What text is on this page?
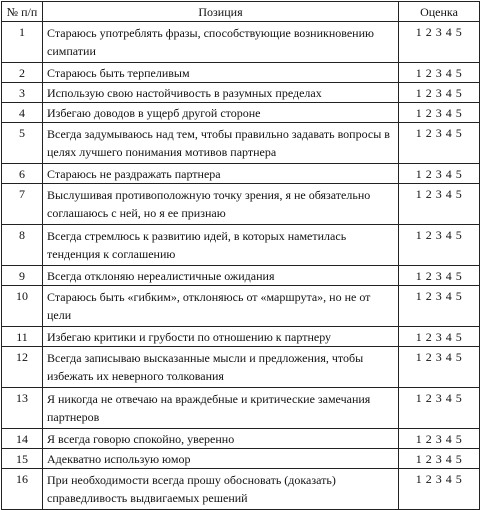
№ п/п	Позиция	Оценка
1	Стараюсь употреблять фразы, способствующие возникновению симпатии	1 2 3 4 5
2	Стараюсь быть терпеливым	1 2 3 4 5
3	Использую свою настойчивость в разумных пределах	1 2 3 4 5
4	Избегаю доводов в ущерб другой стороне	1 2 3 4 5
5	Всегда задумываюсь над тем, чтобы правильно задавать вопросы в целях лучшего понимания мотивов партнера	1 2 3 4 5
6	Стараюсь не раздражать партнера	1 2 3 4 5
7	Выслушивая противоположную точку зрения, я не обязательно соглашаюсь с ней, но я ее признаю	1 2 3 4 5
8	Всегда стремлюсь к развитию идей, в которых наметилась тенденция к соглашению	1 2 3 4 5
9	Всегда отклоняю нереалистичные ожидания	1 2 3 4 5
10	Стараюсь быть «гибким», отклоняюсь от «маршрута», но не от цели	1 2 3 4 5
11	Избегаю критики и грубости по отношению к партнеру	1 2 3 4 5
12	Всегда записываю высказанные мысли и предложения, чтобы избежать их неверного толкования	1 2 3 4 5
13	Я никогда не отвечаю на враждебные и критические замечания партнеров	1 2 3 4 5
14	Я всегда говорю спокойно, уверенно	1 2 3 4 5
15	Адекватно использую юмор	1 2 3 4 5
16	При необходимости всегда прошу обосновать (доказать) справедливость выдвигаемых решений	1 2 3 4 5
